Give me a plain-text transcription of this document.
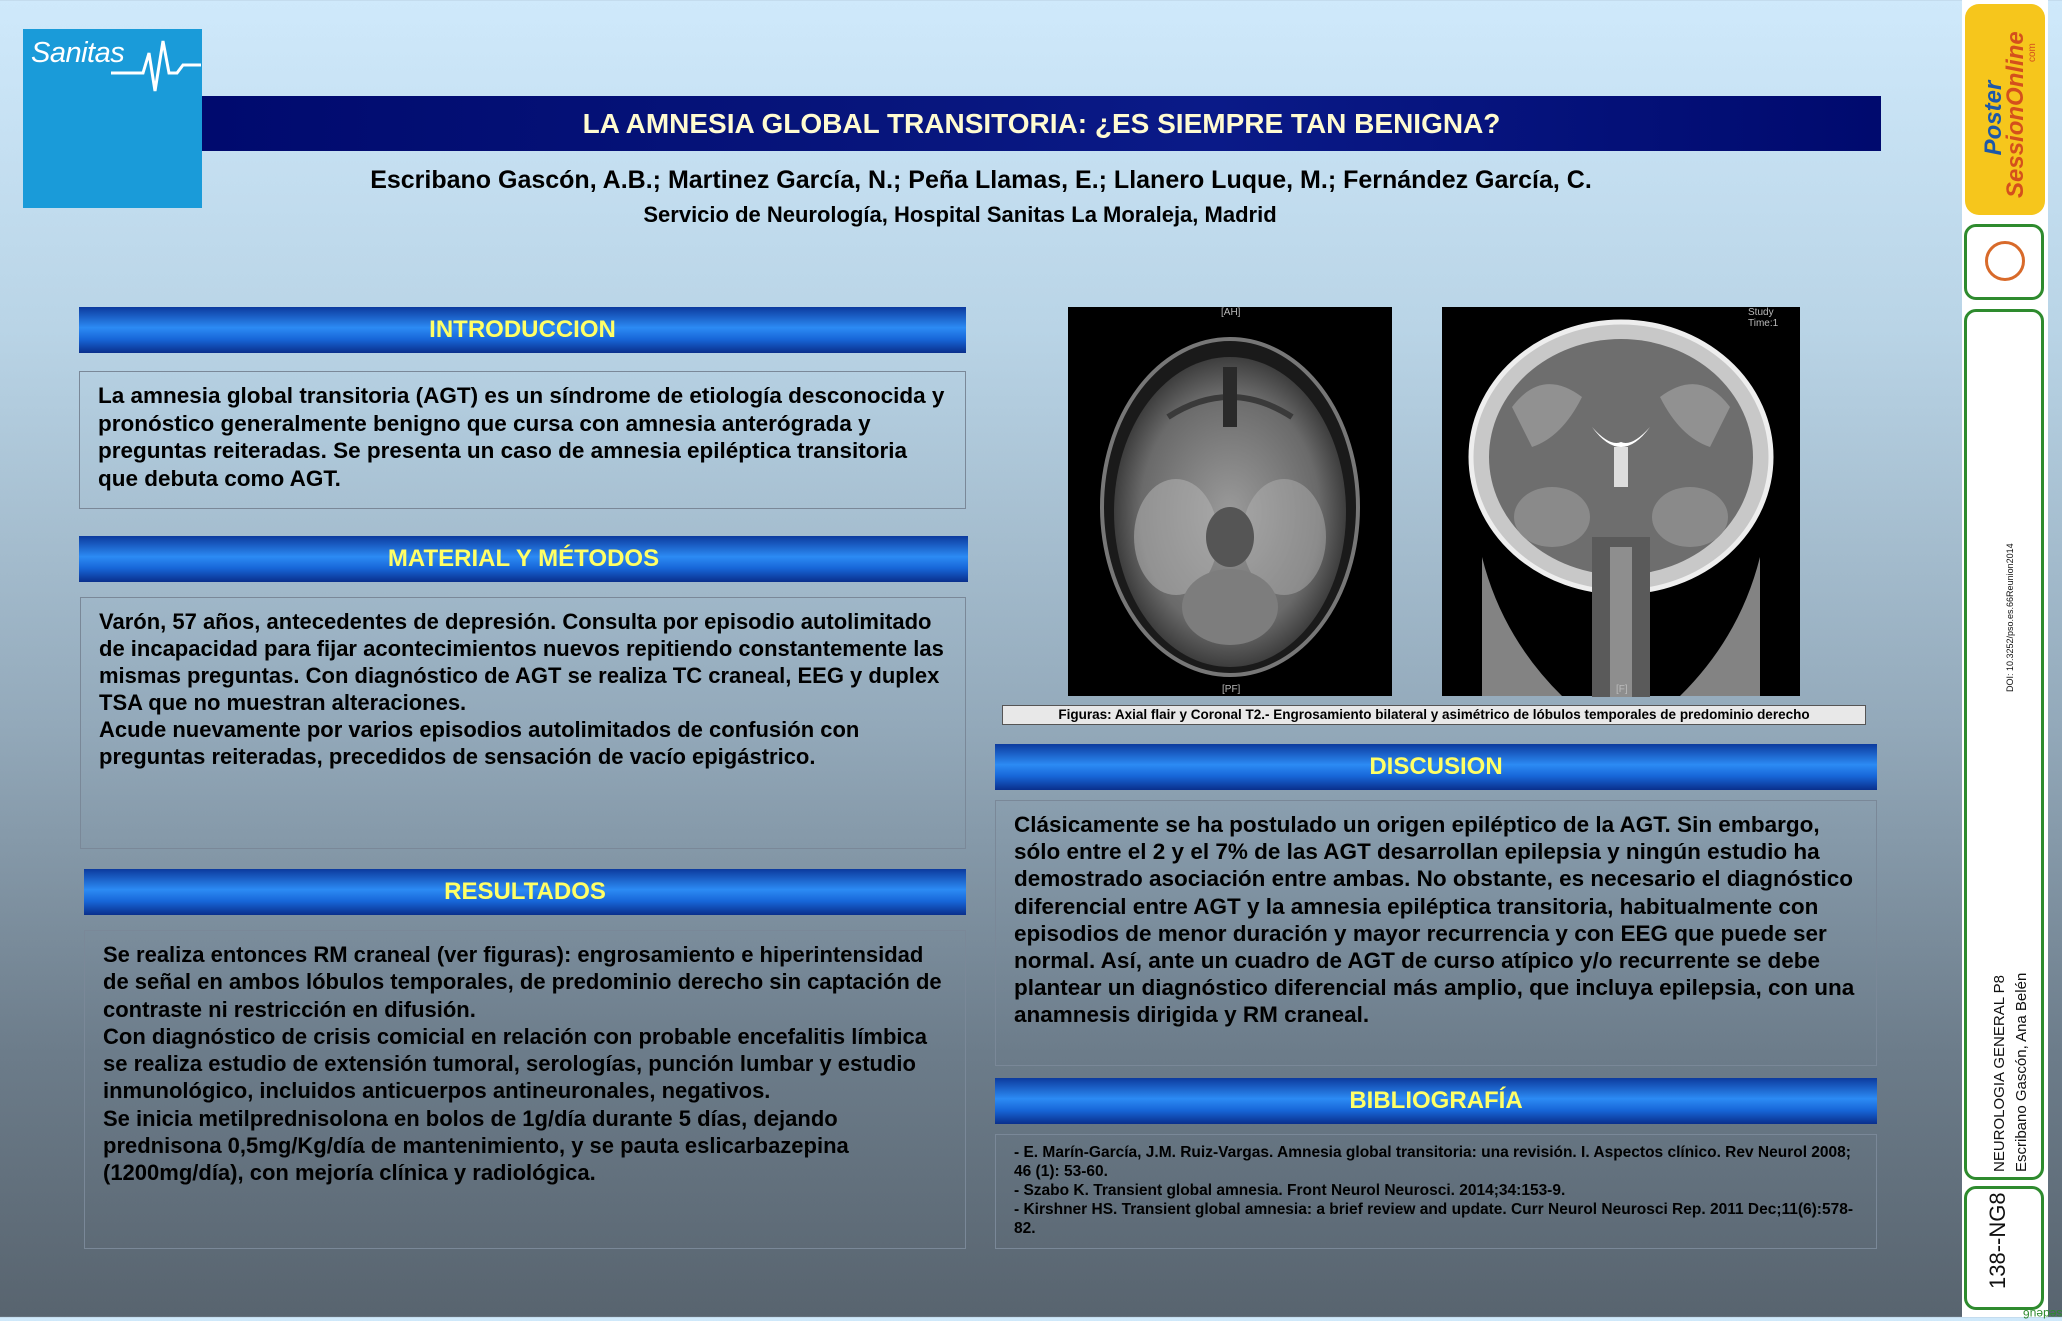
Sanitas
LA AMNESIA GLOBAL TRANSITORIA: ¿ES SIEMPRE TAN BENIGNA?
Escribano Gascón, A.B.; Martinez García, N.; Peña Llamas, E.; Llanero Luque, M.; Fernández García, C.
Servicio de Neurología, Hospital Sanitas La Moraleja, Madrid
INTRODUCCION

La amnesia global transitoria (AGT) es un síndrome de etiología desconocida y pronóstico generalmente benigno que cursa con amnesia anterógrada y preguntas reiteradas. Se presenta un caso de amnesia epiléptica transitoria que debuta como AGT.

MATERIAL Y MÉTODOS

Varón, 57 años, antecedentes de depresión. Consulta por episodio autolimitado de incapacidad para fijar acontecimientos nuevos repitiendo constantemente las mismas preguntas. Con diagnóstico de AGT se realiza TC craneal, EEG y duplex TSA que no muestran alteraciones.

Acude nuevamente por varios episodios autolimitados de confusión con preguntas reiteradas, precedidos de sensación de vacío epigástrico.

RESULTADOS

Se realiza entonces RM craneal (ver figuras): engrosamiento e hiperintensidad de señal en ambos lóbulos temporales, de predominio derecho sin captación de contraste ni restricción en difusión.

Con diagnóstico de crisis comicial en relación con probable encefalitis límbica se realiza estudio de extensión tumoral, serologías, punción lumbar y estudio inmunológico, incluidos anticuerpos antineuronales, negativos.

Se inicia metilprednisolona en bolos de 1g/día durante 5 días, dejando prednisona 0,5mg/Kg/día de mantenimiento, y se pauta eslicarbazepina (1200mg/día), con mejoría clínica y radiológica.

[AH]
[PF]
Study Time:1
[F]
Figuras: Axial flair y Coronal T2.- Engrosamiento bilateral y asimétrico de lóbulos temporales de predominio derecho
DISCUSION

Clásicamente se ha postulado un origen epiléptico de la AGT. Sin embargo, sólo entre el 2 y el 7% de las AGT desarrollan epilepsia y ningún estudio ha demostrado asociación entre ambas. No obstante, es necesario el diagnóstico diferencial entre AGT y la amnesia epiléptica transitoria, habitualmente con episodios de menor duración y mayor recurrencia y con EEG que puede ser normal. Así, ante un cuadro de AGT de curso atípico y/o recurrente se debe plantear un diagnóstico diferencial más amplio, que incluya epilepsia, con una anamnesis dirigida y RM craneal.

BIBLIOGRAFÍA

- E. Marín-García, J.M. Ruiz-Vargas. Amnesia global transitoria: una revisión. I. Aspectos clínico. Rev Neurol 2008; 46 (1): 53-60.

- Szabo K. Transient global amnesia. Front Neurol Neurosci. 2014;34:153-9.

- Kirshner HS. Transient global amnesia: a brief review and update. Curr Neurol Neurosci Rep. 2011 Dec;11(6):578-82.

Poster
SessionOnline
com
DOI: 10.3252/pso.es.66Reunion2014
NEUROLOGIA GENERAL P8 Escribano Gascón, Ana Belén
138--NG8
sedeu6
